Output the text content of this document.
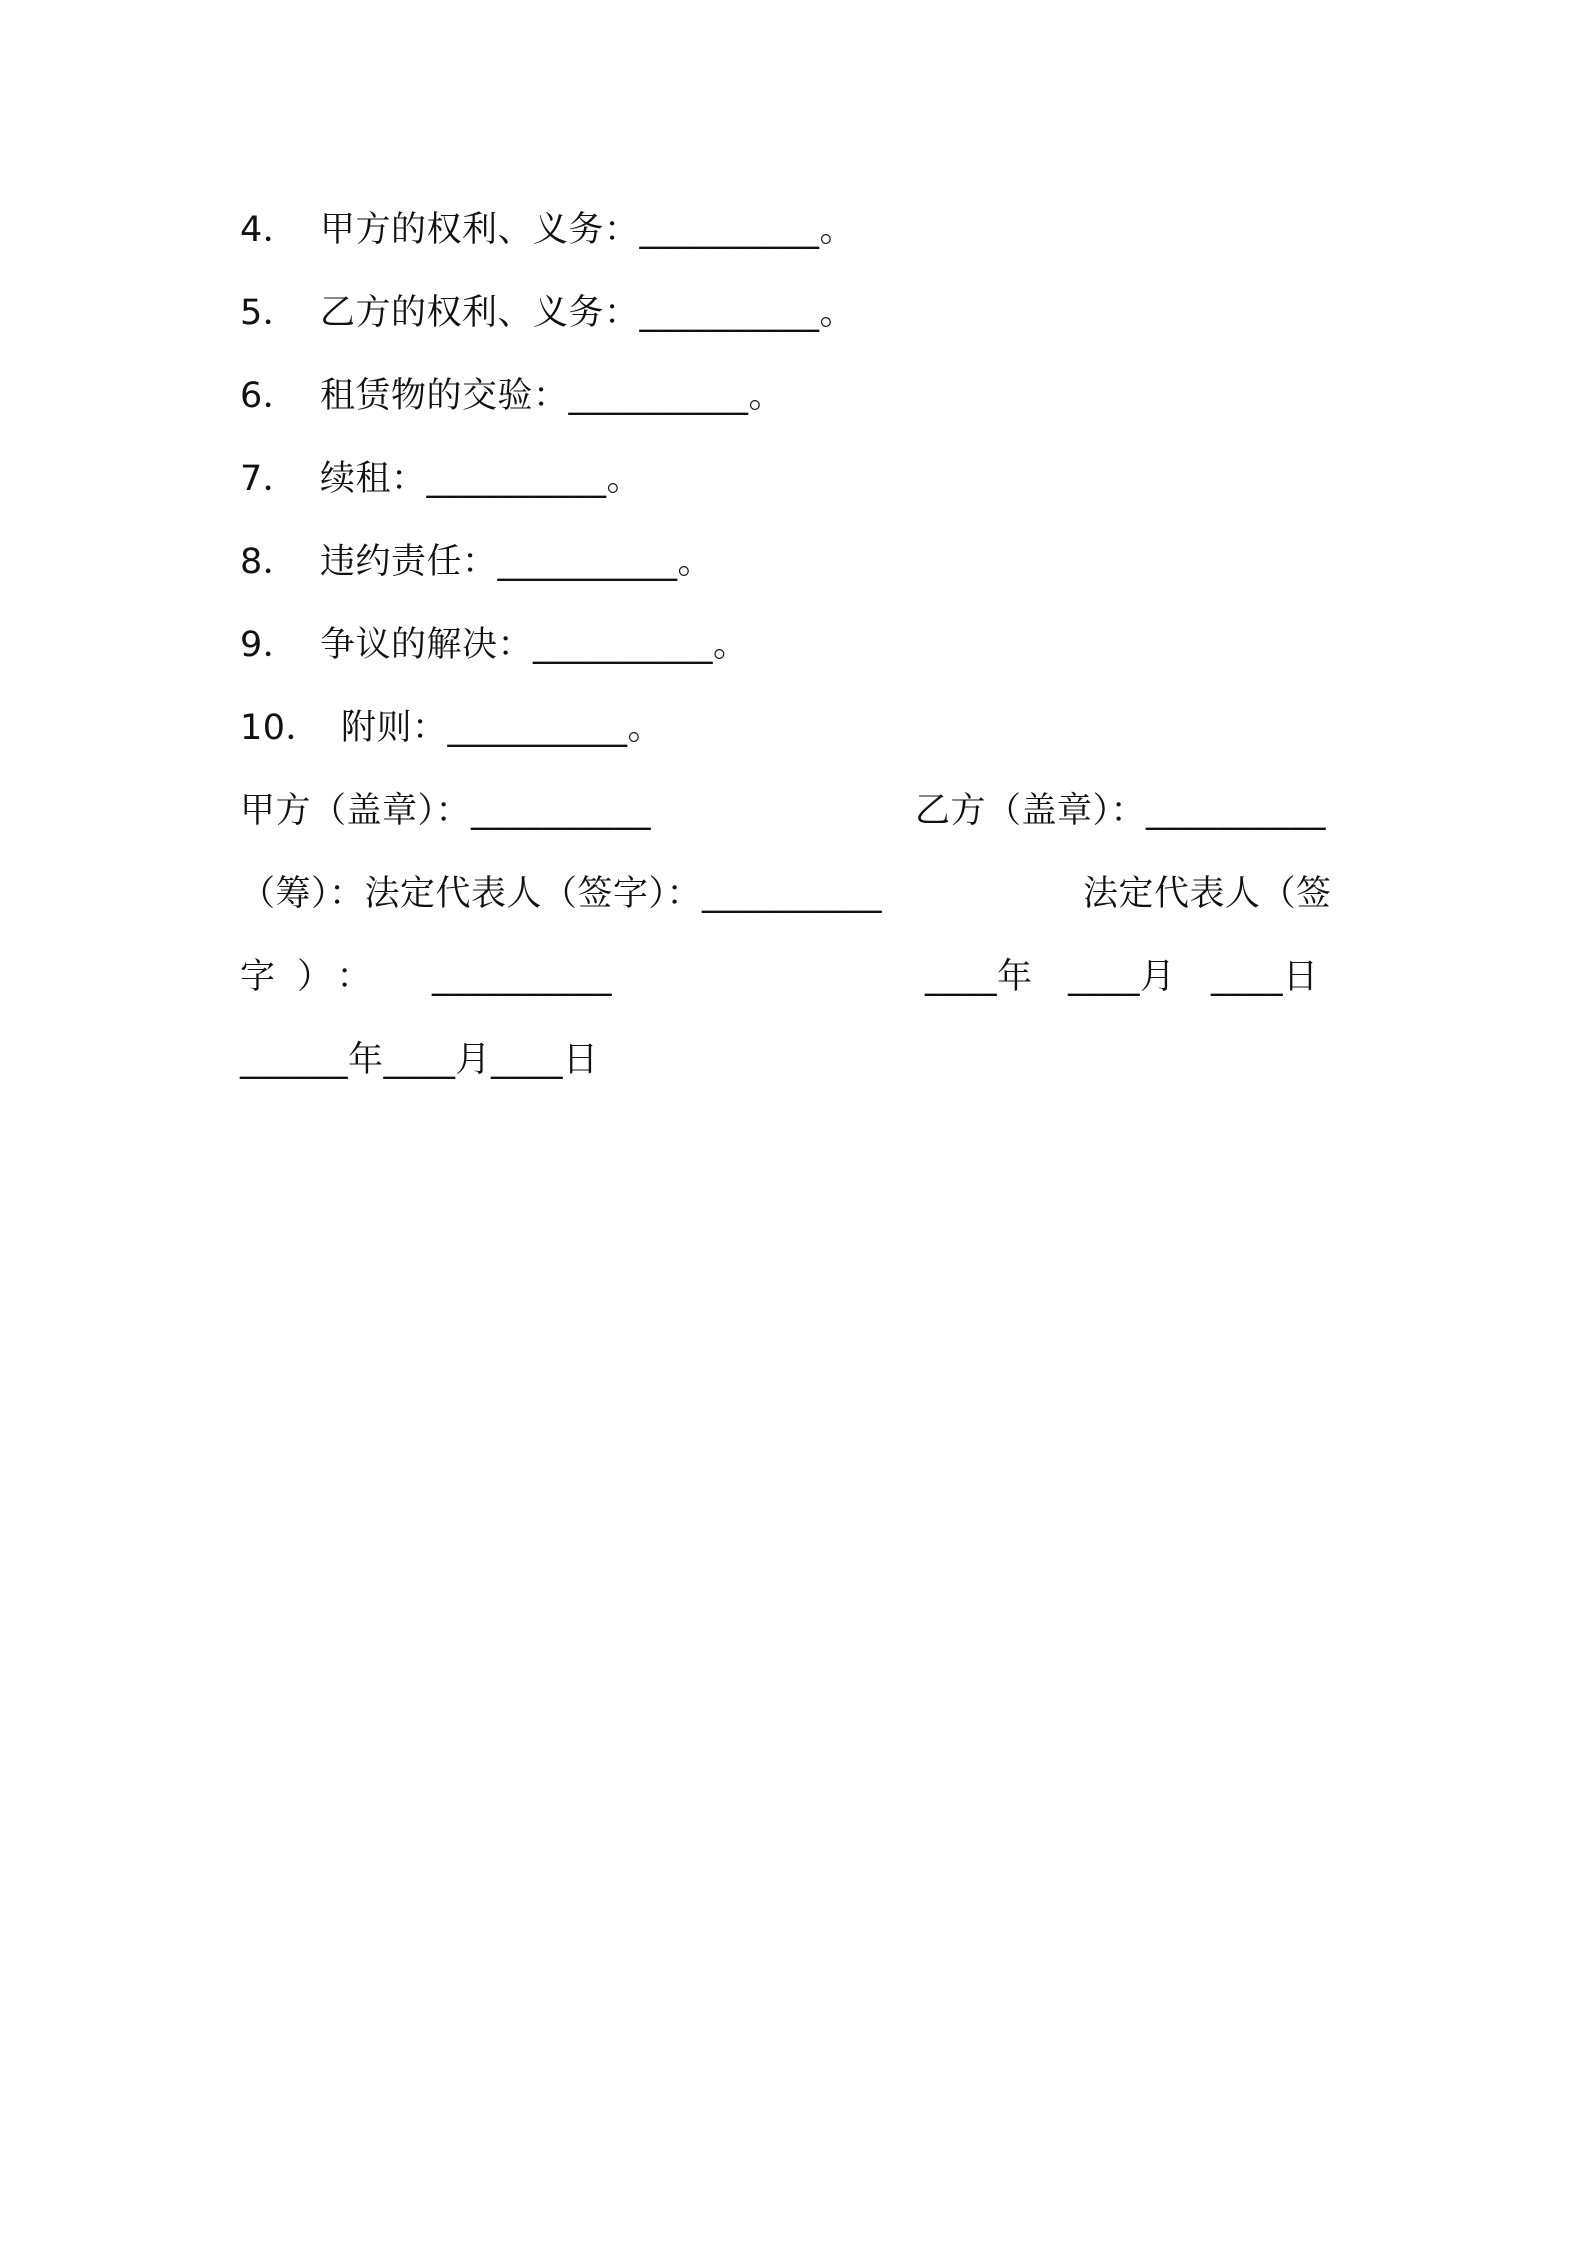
4． 甲方的权利、义务：__________。
5． 乙方的权利、义务：__________。
6． 租赁物的交验：__________。
7． 续租：__________。
8． 违约责任：__________。
9． 争议的解决：__________。
10． 附则：__________。
甲方（盖章）：__________	乙方（盖章）：__________
（筹）：法定代表人（签字）：__________	法定代表人（签
字）： __________	____年　____月　____日
______年____月____日
